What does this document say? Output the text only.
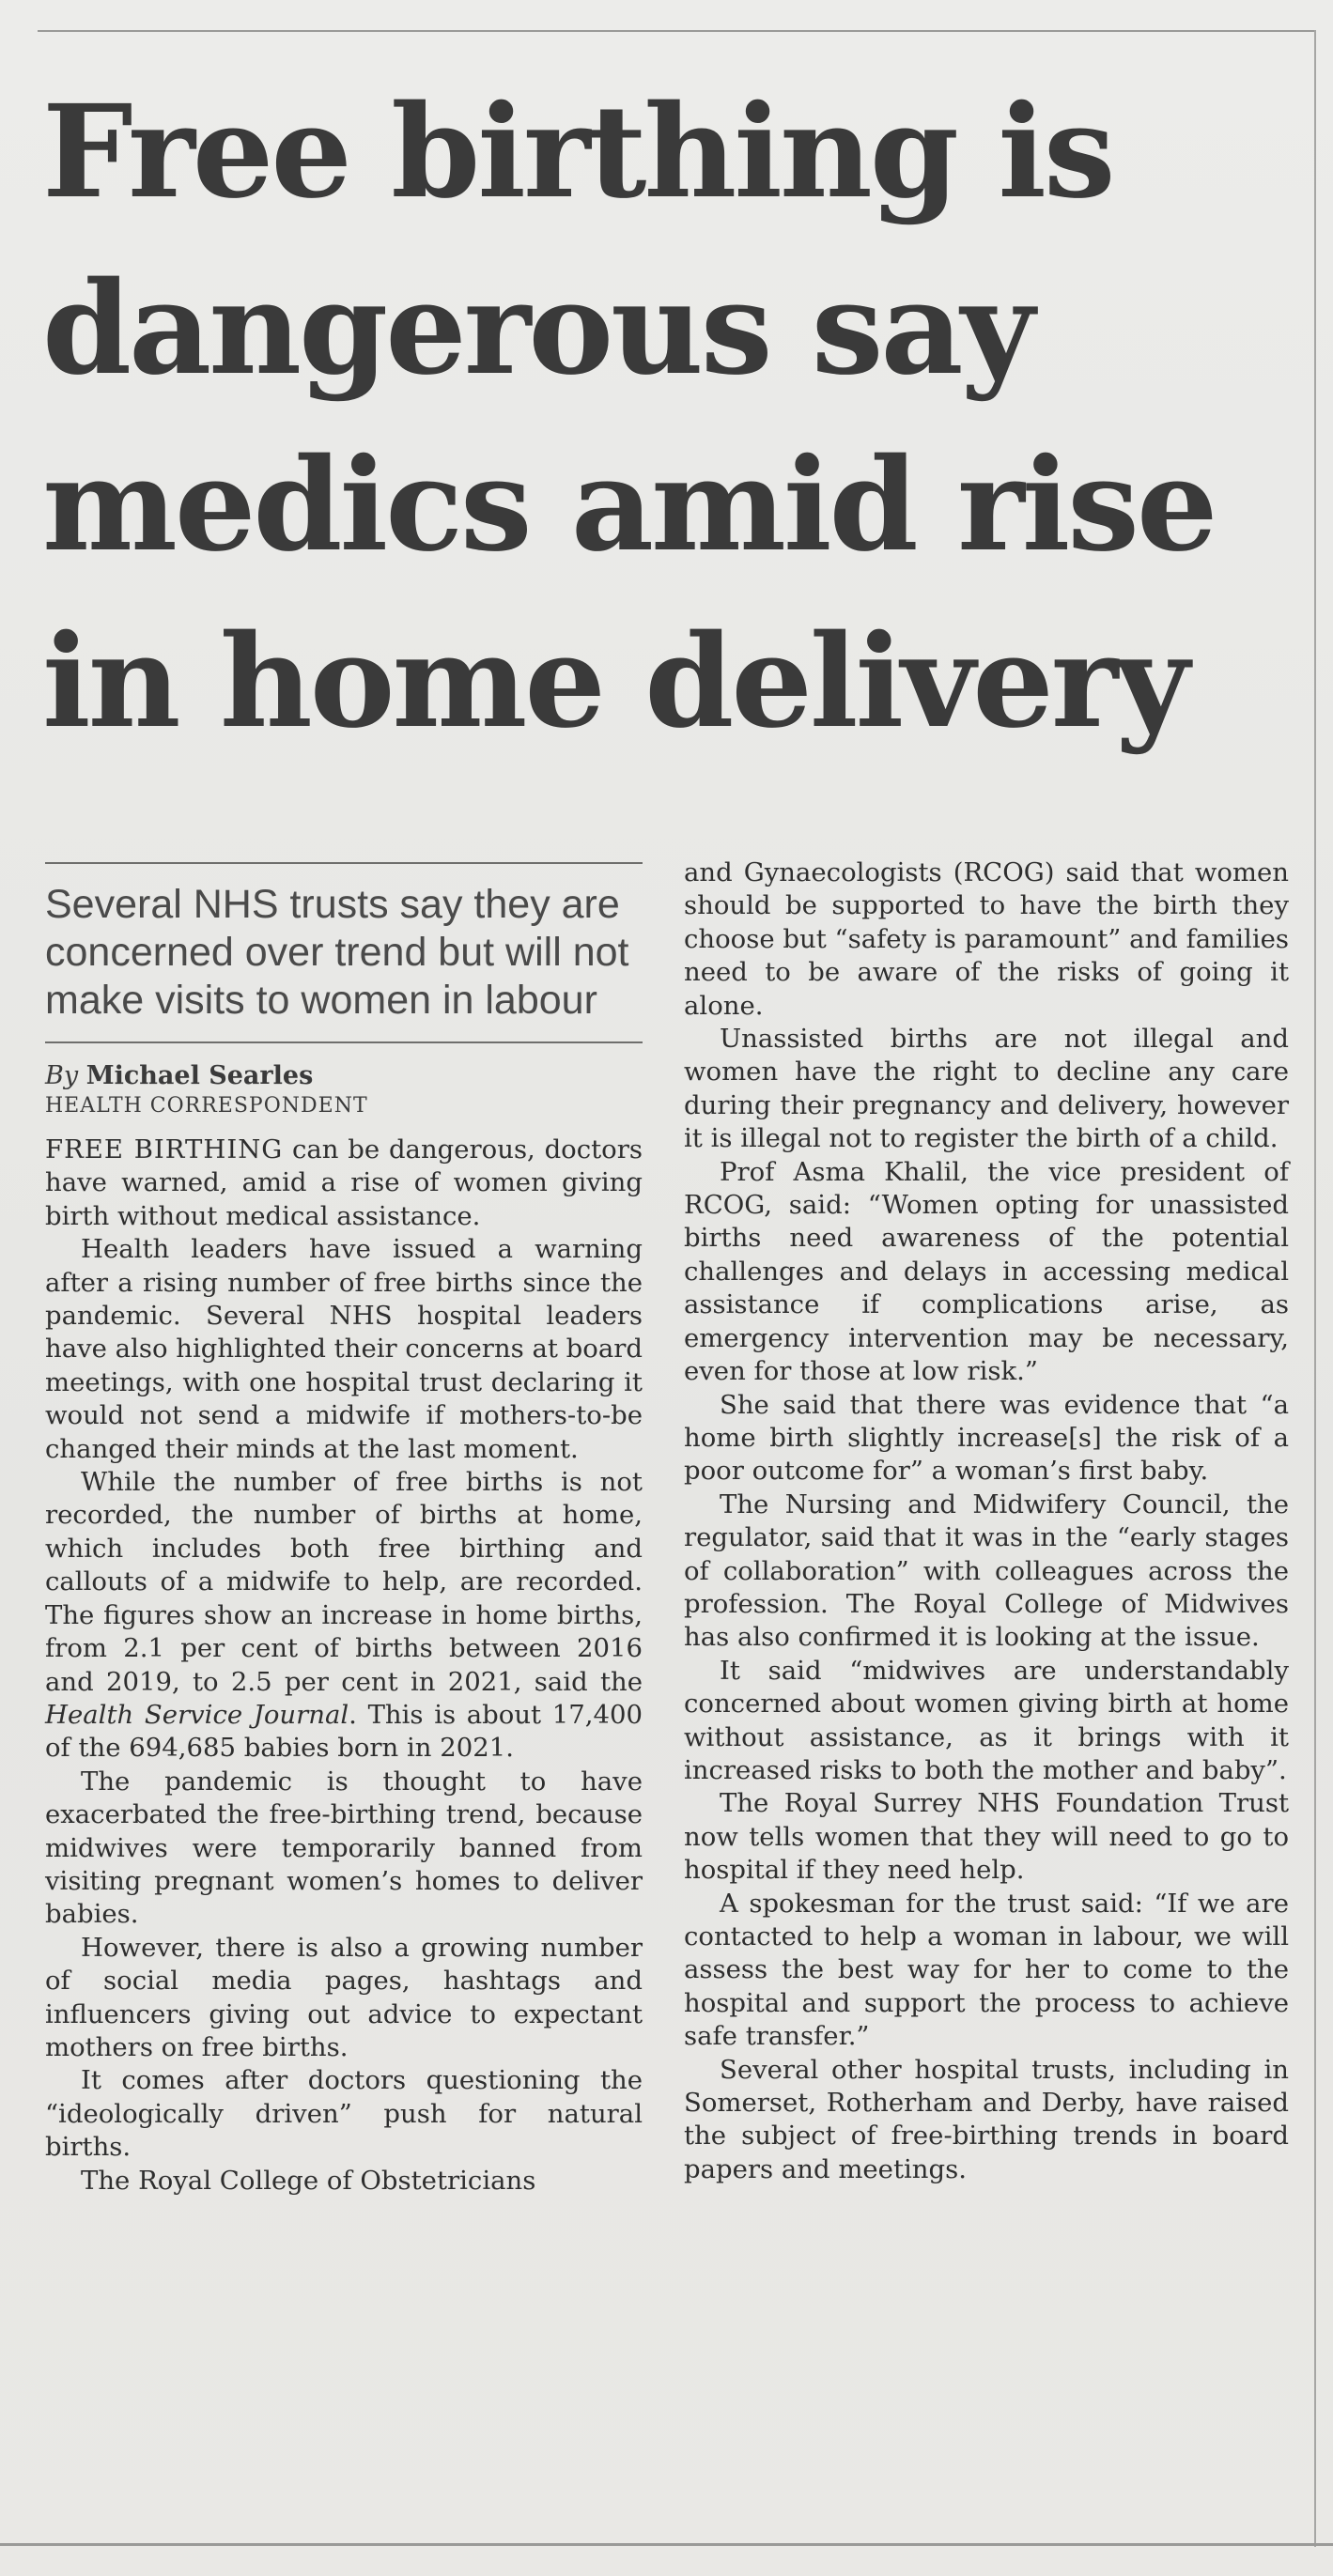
Free birthing is dangerous say medics amid rise in home delivery
Several NHS trusts say they are concerned over trend but will not make visits to women in labour
By Michael Searles
HEALTH CORRESPONDENT

FREE BIRTHING can be dangerous, doctors have warned, amid a rise of women giving birth without medical assistance.

Health leaders have issued a warning after a rising number of free births since the pandemic. Several NHS hospital leaders have also highlighted their concerns at board meetings, with one hospital trust declaring it would not send a midwife if mothers-to-be changed their minds at the last moment.

While the number of free births is not recorded, the number of births at home, which includes both free birthing and callouts of a midwife to help, are recorded. The figures show an increase in home births, from 2.1 per cent of births between 2016 and 2019, to 2.5 per cent in 2021, said the Health Service Journal. This is about 17,400 of the 694,685 babies born in 2021.

The pandemic is thought to have exacerbated the free-birthing trend, because midwives were temporarily banned from visiting pregnant women’s homes to deliver babies.

However, there is also a growing number of social media pages, hashtags and influencers giving out advice to expectant mothers on free births.

It comes after doctors questioning the “ideologically driven” push for natural births.

The Royal College of Obstetricians

and Gynaecologists (RCOG) said that women should be supported to have the birth they choose but “safety is paramount” and families need to be aware of the risks of going it alone.

Unassisted births are not illegal and women have the right to decline any care during their pregnancy and delivery, however it is illegal not to register the birth of a child.

Prof Asma Khalil, the vice president of RCOG, said: “Women opting for unassisted births need awareness of the potential challenges and delays in accessing medical assistance if complications arise, as emergency intervention may be necessary, even for those at low risk.”

She said that there was evidence that “a home birth slightly increase[s] the risk of a poor outcome for” a woman’s first baby.

The Nursing and Midwifery Council, the regulator, said that it was in the “early stages of collaboration” with colleagues across the profession. The Royal College of Midwives has also confirmed it is looking at the issue.

It said “midwives are understandably concerned about women giving birth at home without assistance, as it brings with it increased risks to both the mother and baby”.

The Royal Surrey NHS Foundation Trust now tells women that they will need to go to hospital if they need help.

A spokesman for the trust said: “If we are contacted to help a woman in labour, we will assess the best way for her to come to the hospital and support the process to achieve safe transfer.”

Several other hospital trusts, including in Somerset, Rotherham and Derby, have raised the subject of free-birthing trends in board papers and meetings.
